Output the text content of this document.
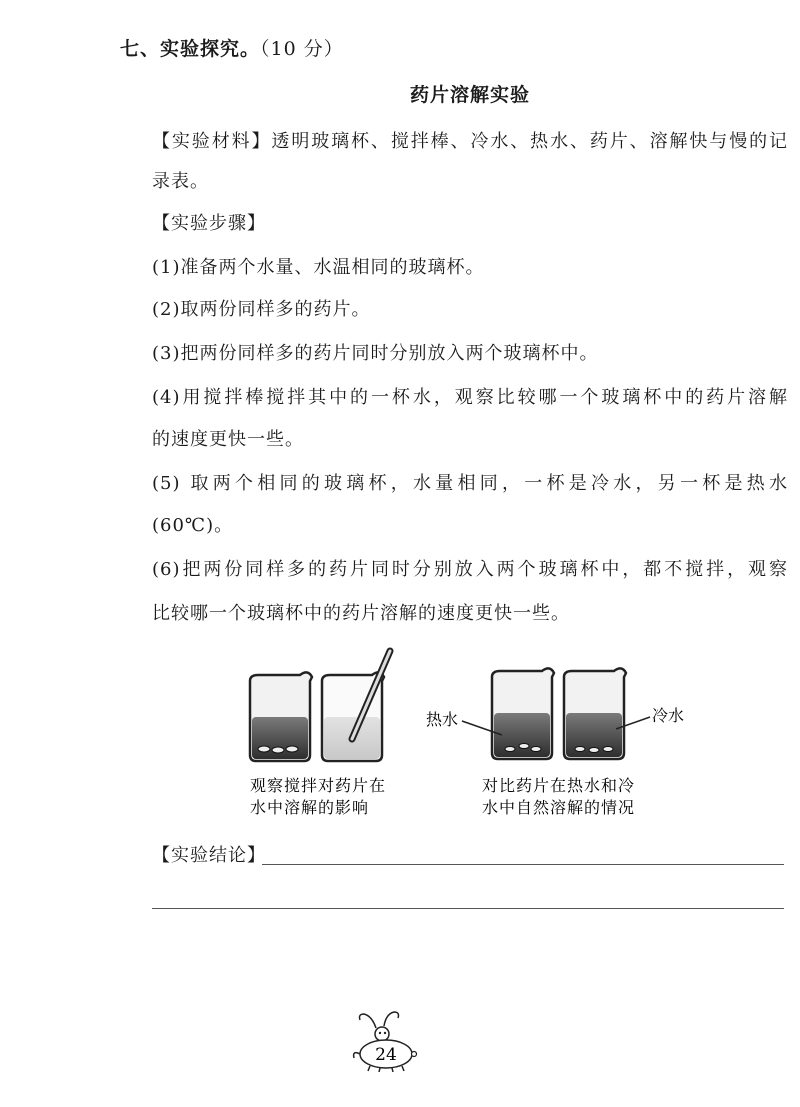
七、实验探究。（10 分）
药片溶解实验
【实验材料】透明玻璃杯、搅拌棒、冷水、热水、药片、溶解快与慢的记
录表。
【实验步骤】
(1)准备两个水量、水温相同的玻璃杯。
(2)取两份同样多的药片。
(3)把两份同样多的药片同时分别放入两个玻璃杯中。
(4)用搅拌棒搅拌其中的一杯水，观察比较哪一个玻璃杯中的药片溶解
的速度更快一些。
(5) 取两个相同的玻璃杯，水量相同，一杯是冷水，另一杯是热水
(60℃)。
(6)把两份同样多的药片同时分别放入两个玻璃杯中，都不搅拌，观察
比较哪一个玻璃杯中的药片溶解的速度更快一些。
热水	冷水
观察搅拌对药片在
水中溶解的影响
对比药片在热水和冷
水中自然溶解的情况
【实验结论】
24
